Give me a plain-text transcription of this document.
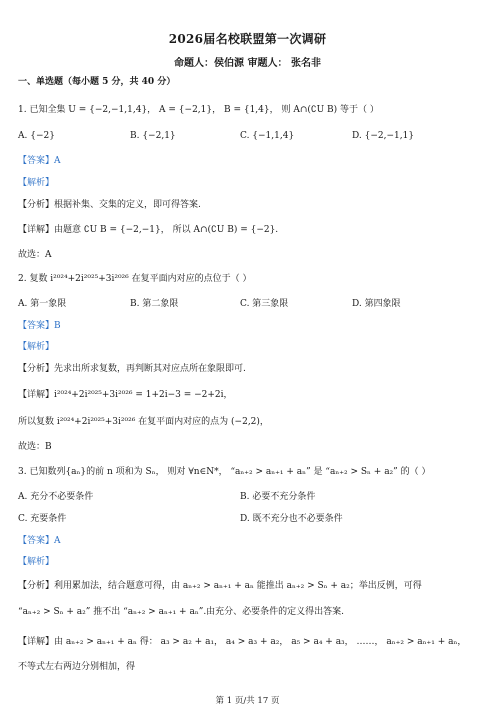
2026届名校联盟第一次调研
命题人：侯伯源 审题人： 张名非
一、单选题（每小题 5 分，共 40 分）
1. 已知全集 U = {−2,−1,1,4}， A = {−2,1}， B = {1,4}， 则 A∩(∁U B) 等于（ ）
A. {−2}	B. {−2,1}	C. {−1,1,4}	D. {−2,−1,1}
【答案】A
【解析】
【分析】根据补集、交集的定义，即可得答案.
【详解】由题意 ∁U B = {−2,−1}， 所以 A∩(∁U B) = {−2}.
故选：A
2. 复数 i²⁰²⁴+2i²⁰²⁵+3i²⁰²⁶ 在复平面内对应的点位于（ ）
A. 第一象限	B. 第二象限	C. 第三象限	D. 第四象限
【答案】B
【解析】
【分析】先求出所求复数，再判断其对应点所在象限即可.
【详解】i²⁰²⁴+2i²⁰²⁵+3i²⁰²⁶ = 1+2i−3 = −2+2i，
所以复数 i²⁰²⁴+2i²⁰²⁵+3i²⁰²⁶ 在复平面内对应的点为 (−2,2)，
故选：B
3. 已知数列{aₙ}的前 n 项和为 Sₙ， 则对 ∀n∈N*， “aₙ₊₂ > aₙ₊₁ + aₙ” 是 “aₙ₊₂ > Sₙ + a₂” 的（ ）
A. 充分不必要条件	B. 必要不充分条件
C. 充要条件	D. 既不充分也不必要条件
【答案】A
【解析】
【分析】利用累加法，结合题意可得，由 aₙ₊₂ > aₙ₊₁ + aₙ 能推出 aₙ₊₂ > Sₙ + a₂；举出反例，可得
“aₙ₊₂ > Sₙ + a₂” 推不出 “aₙ₊₂ > aₙ₊₁ + aₙ”.由充分、必要条件的定义得出答案.
【详解】由 aₙ₊₂ > aₙ₊₁ + aₙ 得： a₃ > a₂ + a₁， a₄ > a₃ + a₂， a₅ > a₄ + a₃， ……， aₙ₊₂ > aₙ₊₁ + aₙ，
不等式左右两边分别相加，得
第 1 页/共 17 页
